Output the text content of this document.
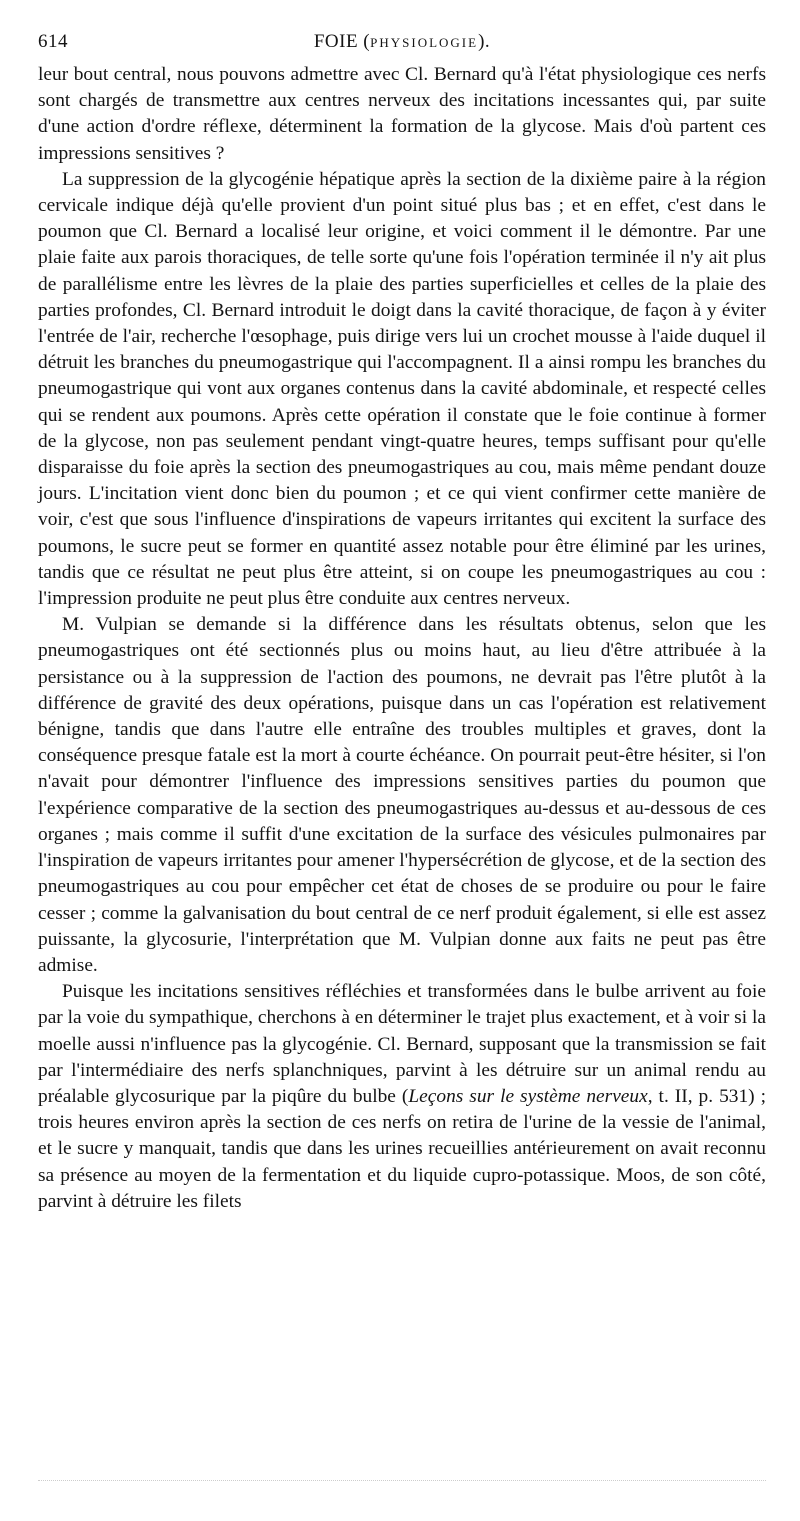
614	FOIE (PHYSIOLOGIE).

leur bout central, nous pouvons admettre avec Cl. Bernard qu'à l'état physiologique ces nerfs sont chargés de transmettre aux centres nerveux des incitations incessantes qui, par suite d'une action d'ordre réflexe, déterminent la formation de la glycose. Mais d'où partent ces impressions sensitives ?

La suppression de la glycogénie hépatique après la section de la dixième paire à la région cervicale indique déjà qu'elle provient d'un point situé plus bas ; et en effet, c'est dans le poumon que Cl. Bernard a localisé leur origine, et voici comment il le démontre. Par une plaie faite aux parois thoraciques, de telle sorte qu'une fois l'opération terminée il n'y ait plus de parallélisme entre les lèvres de la plaie des parties superficielles et celles de la plaie des parties profondes, Cl. Bernard introduit le doigt dans la cavité thoracique, de façon à y éviter l'entrée de l'air, recherche l'œsophage, puis dirige vers lui un crochet mousse à l'aide duquel il détruit les branches du pneumogastrique qui l'accompagnent. Il a ainsi rompu les branches du pneumogastrique qui vont aux organes contenus dans la cavité abdominale, et respecté celles qui se rendent aux poumons. Après cette opération il constate que le foie continue à former de la glycose, non pas seulement pendant vingt-quatre heures, temps suffisant pour qu'elle disparaisse du foie après la section des pneumogastriques au cou, mais même pendant douze jours. L'incitation vient donc bien du poumon ; et ce qui vient confirmer cette manière de voir, c'est que sous l'influence d'inspirations de vapeurs irritantes qui excitent la surface des poumons, le sucre peut se former en quantité assez notable pour être éliminé par les urines, tandis que ce résultat ne peut plus être atteint, si on coupe les pneumogastriques au cou : l'impression produite ne peut plus être conduite aux centres nerveux.

M. Vulpian se demande si la différence dans les résultats obtenus, selon que les pneumogastriques ont été sectionnés plus ou moins haut, au lieu d'être attribuée à la persistance ou à la suppression de l'action des poumons, ne devrait pas l'être plutôt à la différence de gravité des deux opérations, puisque dans un cas l'opération est relativement bénigne, tandis que dans l'autre elle entraîne des troubles multiples et graves, dont la conséquence presque fatale est la mort à courte échéance. On pourrait peut-être hésiter, si l'on n'avait pour démontrer l'influence des impressions sensitives parties du poumon que l'expérience comparative de la section des pneumogastriques au-dessus et au-dessous de ces organes ; mais comme il suffit d'une excitation de la surface des vésicules pulmonaires par l'inspiration de vapeurs irritantes pour amener l'hypersécrétion de glycose, et de la section des pneumogastriques au cou pour empêcher cet état de choses de se produire ou pour le faire cesser ; comme la galvanisation du bout central de ce nerf produit également, si elle est assez puissante, la glycosurie, l'interprétation que M. Vulpian donne aux faits ne peut pas être admise.

Puisque les incitations sensitives réfléchies et transformées dans le bulbe arrivent au foie par la voie du sympathique, cherchons à en déterminer le trajet plus exactement, et à voir si la moelle aussi n'influence pas la glycogénie. Cl. Bernard, supposant que la transmission se fait par l'intermédiaire des nerfs splanchniques, parvint à les détruire sur un animal rendu au préalable glycosurique par la piqûre du bulbe (Leçons sur le système nerveux, t. II, p. 531) ; trois heures environ après la section de ces nerfs on retira de l'urine de la vessie de l'animal, et le sucre y manquait, tandis que dans les urines recueillies antérieurement on avait reconnu sa présence au moyen de la fermentation et du liquide cupro-potassique. Moos, de son côté, parvint à détruire les filets
